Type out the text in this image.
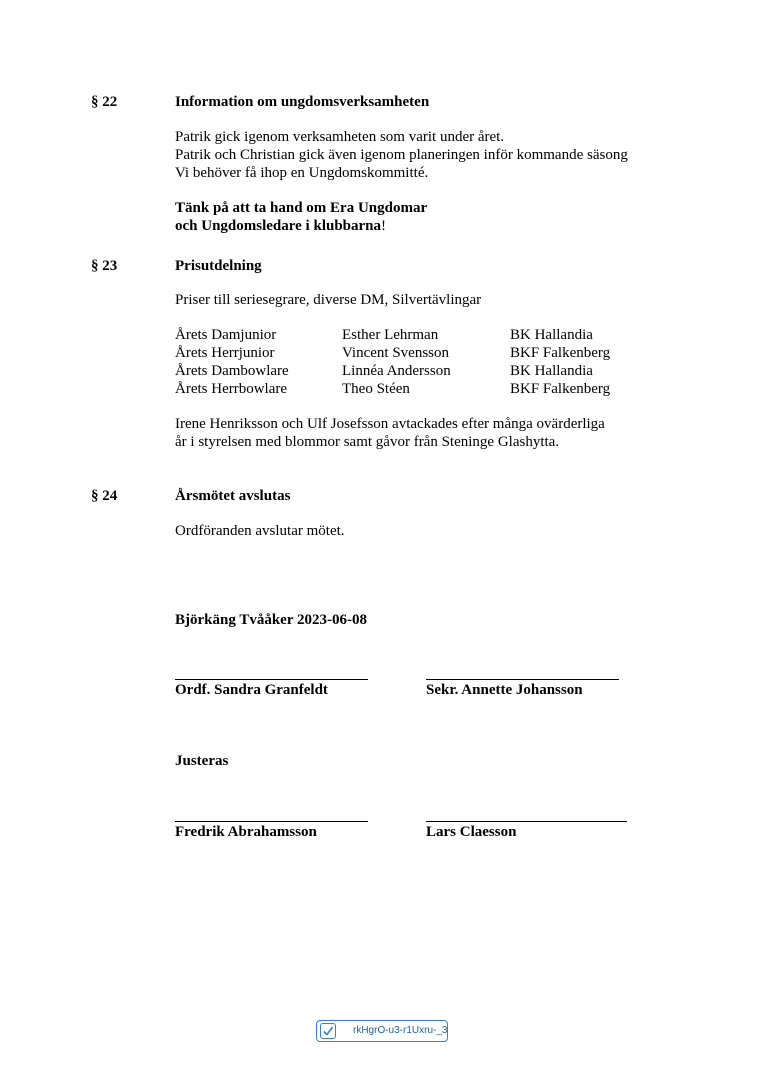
§ 22	Information om ungdomsverksamheten
Patrik gick igenom verksamheten som varit under året.
Patrik och Christian gick även igenom planeringen inför kommande säsong
Vi behöver få ihop en Ungdomskommitté.
Tänk på att ta hand om Era Ungdomar
och Ungdomsledare i klubbarna!
§ 23	Prisutdelning
Priser till seriesegrare, diverse DM, Silvertävlingar
Årets Damjunior	Esther Lehrman	BK Hallandia
Årets Herrjunior	Vincent Svensson	BKF Falkenberg
Årets Dambowlare	Linnéa Andersson	BK Hallandia
Årets Herrbowlare	Theo Stéen	BKF Falkenberg
Irene Henriksson och Ulf Josefsson avtackades efter många ovärderliga
år i styrelsen med blommor samt gåvor från Steninge Glashytta.
§ 24	Årsmötet avslutas
Ordföranden avslutar mötet.
Björkäng Tvååker 2023-06-08
Ordf. Sandra Granfeldt	Sekr. Annette Johansson
Justeras
Fredrik Abrahamsson	Lars Claesson
rkHgrO-u3-r1Uxru-_3
